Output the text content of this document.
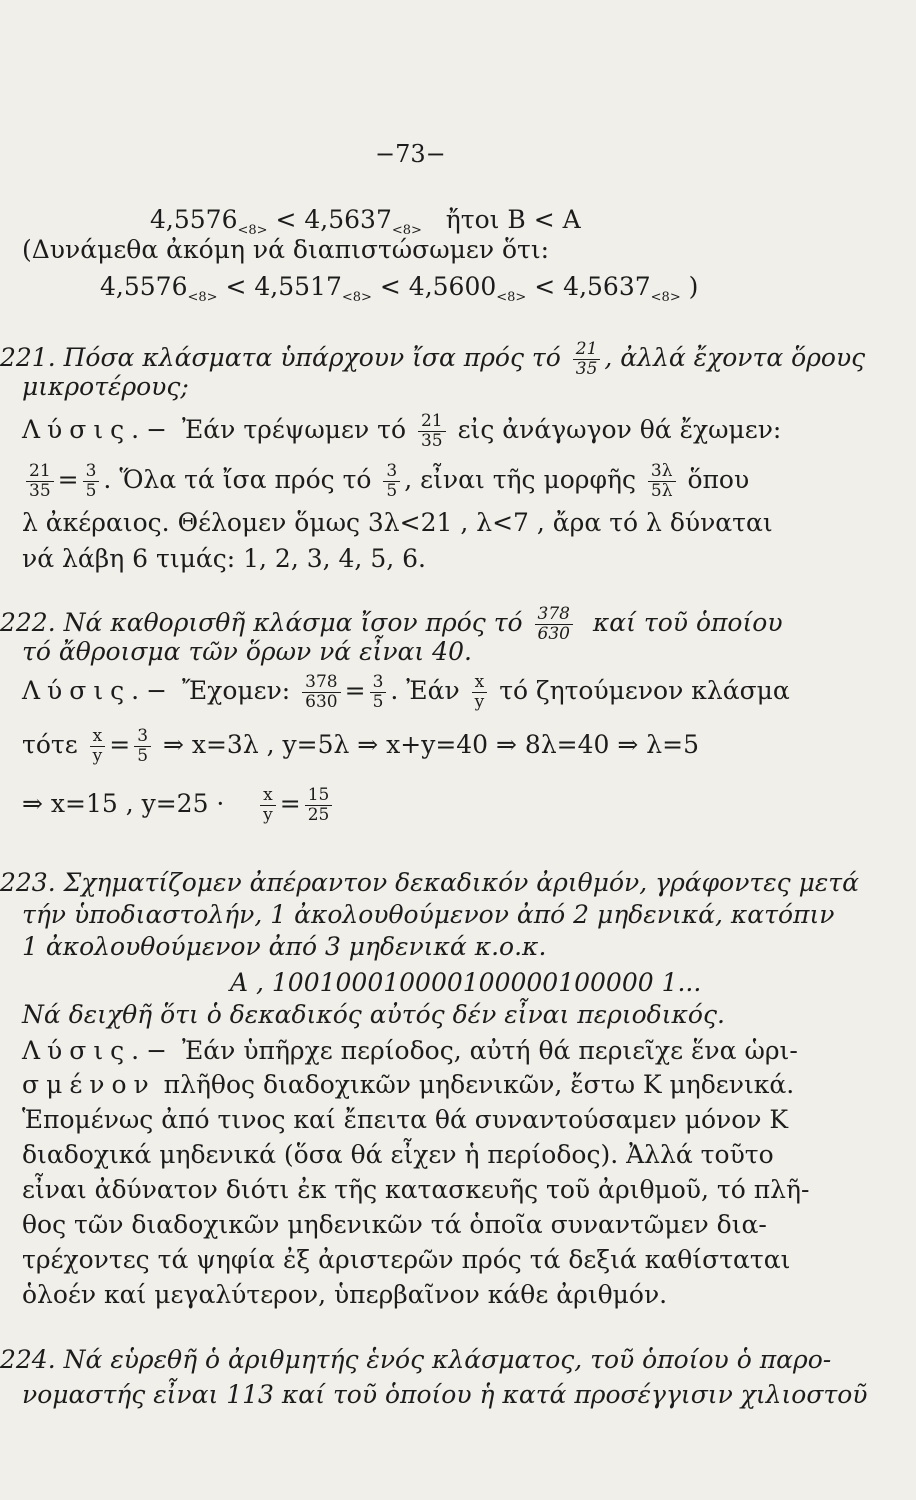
−73−
$4,5576_{<8>} < 4,5637_{<8>}$ ἤτοι B < A
(Δυνάμεθα ἀκόμη νά διαπιστώσωμεν ὅτι:
$4,5576_{<8>} < 4,5517_{<8>} < 4,5600_{<8>} < 4,5637_{<8>}$ )
221. Πόσα κλάσματα ὑπάρχουν ἴσα πρός τό $\frac{21}{35}$ , ἀλλά ἔχοντα ὅρους
μικροτέρους;
Λύσις.− Ἐάν τρέψωμεν τό $\frac{21}{35}$ εἰς ἀνάγωγον θά ἔχωμεν:
$\frac{21}{35} = \frac{3}{5}$ . Ὅλα τά ἴσα πρός τό $\frac{3}{5}$ , εἶναι τῆς μορφῆς $\frac{3\lambda}{5\lambda}$ ὅπου
λ ἀκέραιος. Θέλομεν ὅμως 3λ<21 , λ<7 , ἄρα τό λ δύναται
νά λάβη 6 τιμάς: 1, 2, 3, 4, 5, 6.
222. Νά καθορισθῆ κλάσμα ἴσον πρός τό $\frac{378}{630}$ καί τοῦ ὁποίου
τό ἄθροισμα τῶν ὅρων νά εἶναι 40.
Λύσις.− Ἔχομεν: $\frac{378}{630} = \frac{3}{5}$ . Ἐάν $\frac{x}{y}$ τό ζητούμενον κλάσμα
τότε $\frac{x}{y} = \frac{3}{5}$ ⇒ x=3λ , y=5λ ⇒ x+y=40 ⇒ 8λ=40 ⇒ λ=5
⇒ x=15 , $y=25 \cdot \frac{x}{y} = \frac{15}{25}$
223. Σχηματίζομεν ἀπέραντον δεκαδικόν ἀριθμόν, γράφοντες μετά
τήν ὑποδιαστολήν, 1 ἀκολουθούμενον ἀπό 2 μηδενικά, κατόπιν
1 ἀκολουθούμενον ἀπό 3 μηδενικά κ.ο.κ.
A , 100100010000100000100000 1...
Νά δειχθῆ ὅτι ὁ δεκαδικός αὐτός δέν εἶναι περιοδικός.
Λύσις.− Ἐάν ὑπῆρχε περίοδος, αὐτή θά περιεῖχε ἕνα ὡρι-
σμένον πλῆθος διαδοχικῶν μηδενικῶν, ἔστω K μηδενικά.
Ἑπομένως ἀπό τινος καί ἔπειτα θά συναντούσαμεν μόνον K
διαδοχικά μηδενικά (ὅσα θά εἶχεν ἡ περίοδος). Ἀλλά τοῦτο
εἶναι ἀδύνατον διότι ἐκ τῆς κατασκευῆς τοῦ ἀριθμοῦ, τό πλῆ-
θος τῶν διαδοχικῶν μηδενικῶν τά ὁποῖα συναντῶμεν δια-
τρέχοντες τά ψηφία ἐξ ἀριστερῶν πρός τά δεξιά καθίσταται
ὁλοέν καί μεγαλύτερον, ὑπερβαῖνον κάθε ἀριθμόν.
224. Νά εὑρεθῆ ὁ ἀριθμητής ἑνός κλάσματος, τοῦ ὁποίου ὁ παρο-
νομαστής εἶναι 113 καί τοῦ ὁποίου ἡ κατά προσέγγισιν χιλιοστοῦ
